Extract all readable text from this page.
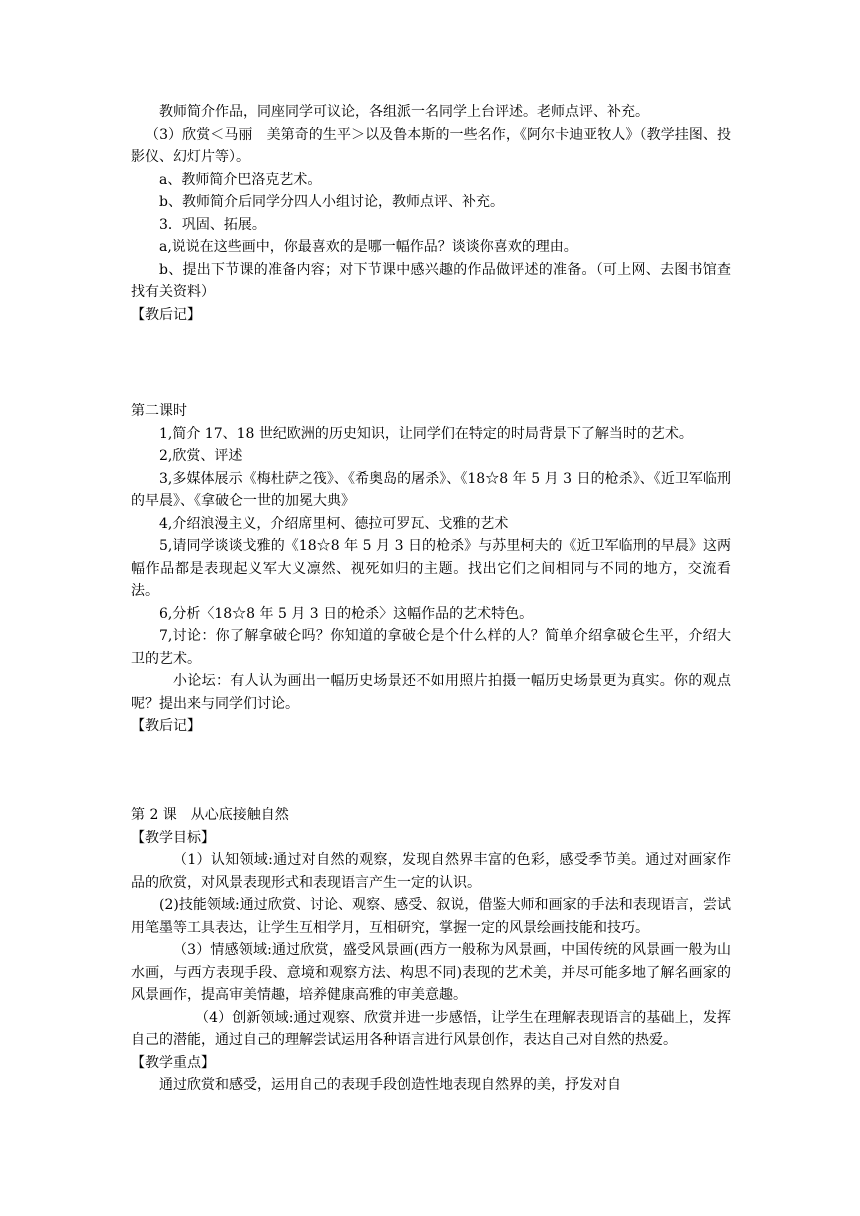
教师简介作品，同座同学可议论，各组派一名同学上台评述。老师点评、补充。

（3）欣赏＜马丽　美第奇的生平＞以及鲁本斯的一些名作，《阿尔卡迪亚牧人》（教学挂图、投影仪、幻灯片等）。

a、教师简介巴洛克艺术。

b、教师简介后同学分四人小组讨论，教师点评、补充。

3．巩固、拓展。

a,说说在这些画中，你最喜欢的是哪一幅作品？谈谈你喜欢的理由。

b、提出下节课的准备内容；对下节课中感兴趣的作品做评述的准备。（可上网、去图书馆查找有关资料）

【教后记】

第二课时

1,简介 17、18 世纪欧洲的历史知识，让同学们在特定的时局背景下了解当时的艺术。

2,欣赏、评述

3,多媒体展示《梅杜萨之筏》、《希奥岛的屠杀》、《18☆8 年 5 月 3 日的枪杀》、《近卫军临刑的早晨》、《拿破仑一世的加冕大典》

4,介绍浪漫主义，介绍席里柯、德拉可罗瓦、戈雅的艺术

5,请同学谈谈戈雅的《18☆8 年 5 月 3 日的枪杀》与苏里柯夫的《近卫军临刑的早晨》这两幅作品都是表现起义军大义凛然、视死如归的主题。找出它们之间相同与不同的地方，交流看法。

6,分析〈18☆8 年 5 月 3 日的枪杀〉这幅作品的艺术特色。

7,讨论：你了解拿破仑吗？你知道的拿破仑是个什么样的人？简单介绍拿破仑生平，介绍大卫的艺术。

小论坛：有人认为画出一幅历史场景还不如用照片拍摄一幅历史场景更为真实。你的观点呢？提出来与同学们讨论。

【教后记】

第 2 课　从心底接触自然

【教学目标】

（1）认知领域:通过对自然的观察，发现自然界丰富的色彩，感受季节美。通过对画家作品的欣赏，对风景表现形式和表现语言产生一定的认识。

(2)技能领域:通过欣赏、讨论、观察、感受、叙说，借鉴大师和画家的手法和表现语言，尝试用笔墨等工具表达，让学生互相学月，互相研究，掌握一定的风景绘画技能和技巧。

（3）情感领域:通过欣赏，盛受风景画(西方一般称为风景画，中国传统的风景画一般为山水画，与西方表现手段、意境和观察方法、构思不同)表现的艺术美，并尽可能多地了解名画家的风景画作，提高审美情趣，培养健康高雅的审美意趣。

（4）创新领域:通过观察、欣赏并进一步感悟，让学生在理解表现语言的基础上，发挥自己的潜能，通过自己的理解尝试运用各种语言进行风景创作，表达自己对自然的热爱。

【教学重点】

通过欣赏和感受，运用自己的表现手段创造性地表现自然界的美，抒发对自
